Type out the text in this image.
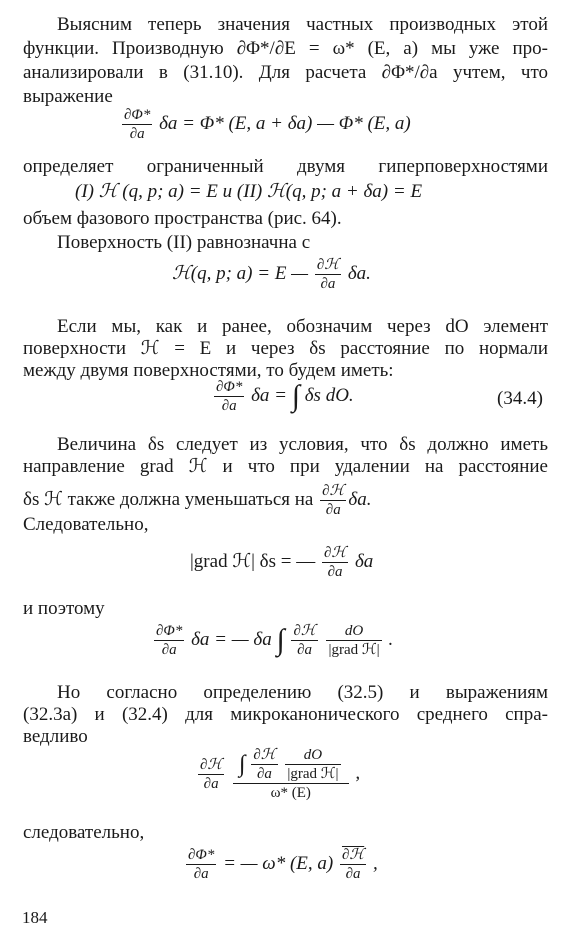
Выясним теперь значения частных производных этой
функции. Производную ∂Φ*/∂E = ω* (E, a) мы уже про-
анализировали в (31.10). Для расчета ∂Φ*/∂a учтем, что
выражение
$\frac{\partial\Phi*}{\partial a}$ δa = Φ* (E, a + δa) — Φ* (E, a)
определяет ограниченный двумя гиперповерхностями
(I) ℋ (q, p; a) = E и (II) ℋ(q, p; a + δa) = E
объем фазового пространства (рис. 64).
Поверхность (II) равнозначна с
ℋ(q, p; a) = E — $\frac{\text{∂ℋ}}{\partial a} \delta a$.
Если мы, как и ранее, обозначим через dO элемент
поверхности ℋ = E и через δs расстояние по нормали
между двумя поверхностями, то будем иметь:
$\frac{\partial\Phi*}{\partial a}$ δa = ∫ δs dO.	(34.4)
Величина δs следует из условия, что δs должно иметь
направление grad ℋ и что при удалении на расстояние
δs ℋ также должна уменьшаться на $\frac{\text{∂ℋ}}{\partial a} \delta a$.
Следовательно,
|grad ℋ| δs = — $\frac{\text{∂ℋ}}{\partial a}$ δa
и поэтому
$\frac{\partial\Phi*}{\partial a}$ δa = — δa ∫ $\frac{\text{∂ℋ}}{\partial a}$
$\frac{dO}{\text{|grad ℋ|}}$ .
Но согласно определению (32.5) и выражениям
(32.3а) и (32.4) для микроканонического среднего спра-
ведливо
$\frac{\text{∂ℋ}}{\partial a}$
∫ $\frac{\text{∂ℋ}}{\partial a}$
$\frac{dO}{\text{|grad ℋ|}}$
ω* (E)
,
следовательно,
$\frac{\partial\Phi*}{\partial a}$ = — ω* (E, $a) \frac{\text{∂ℋ}}{\partial a}$ ,
184
